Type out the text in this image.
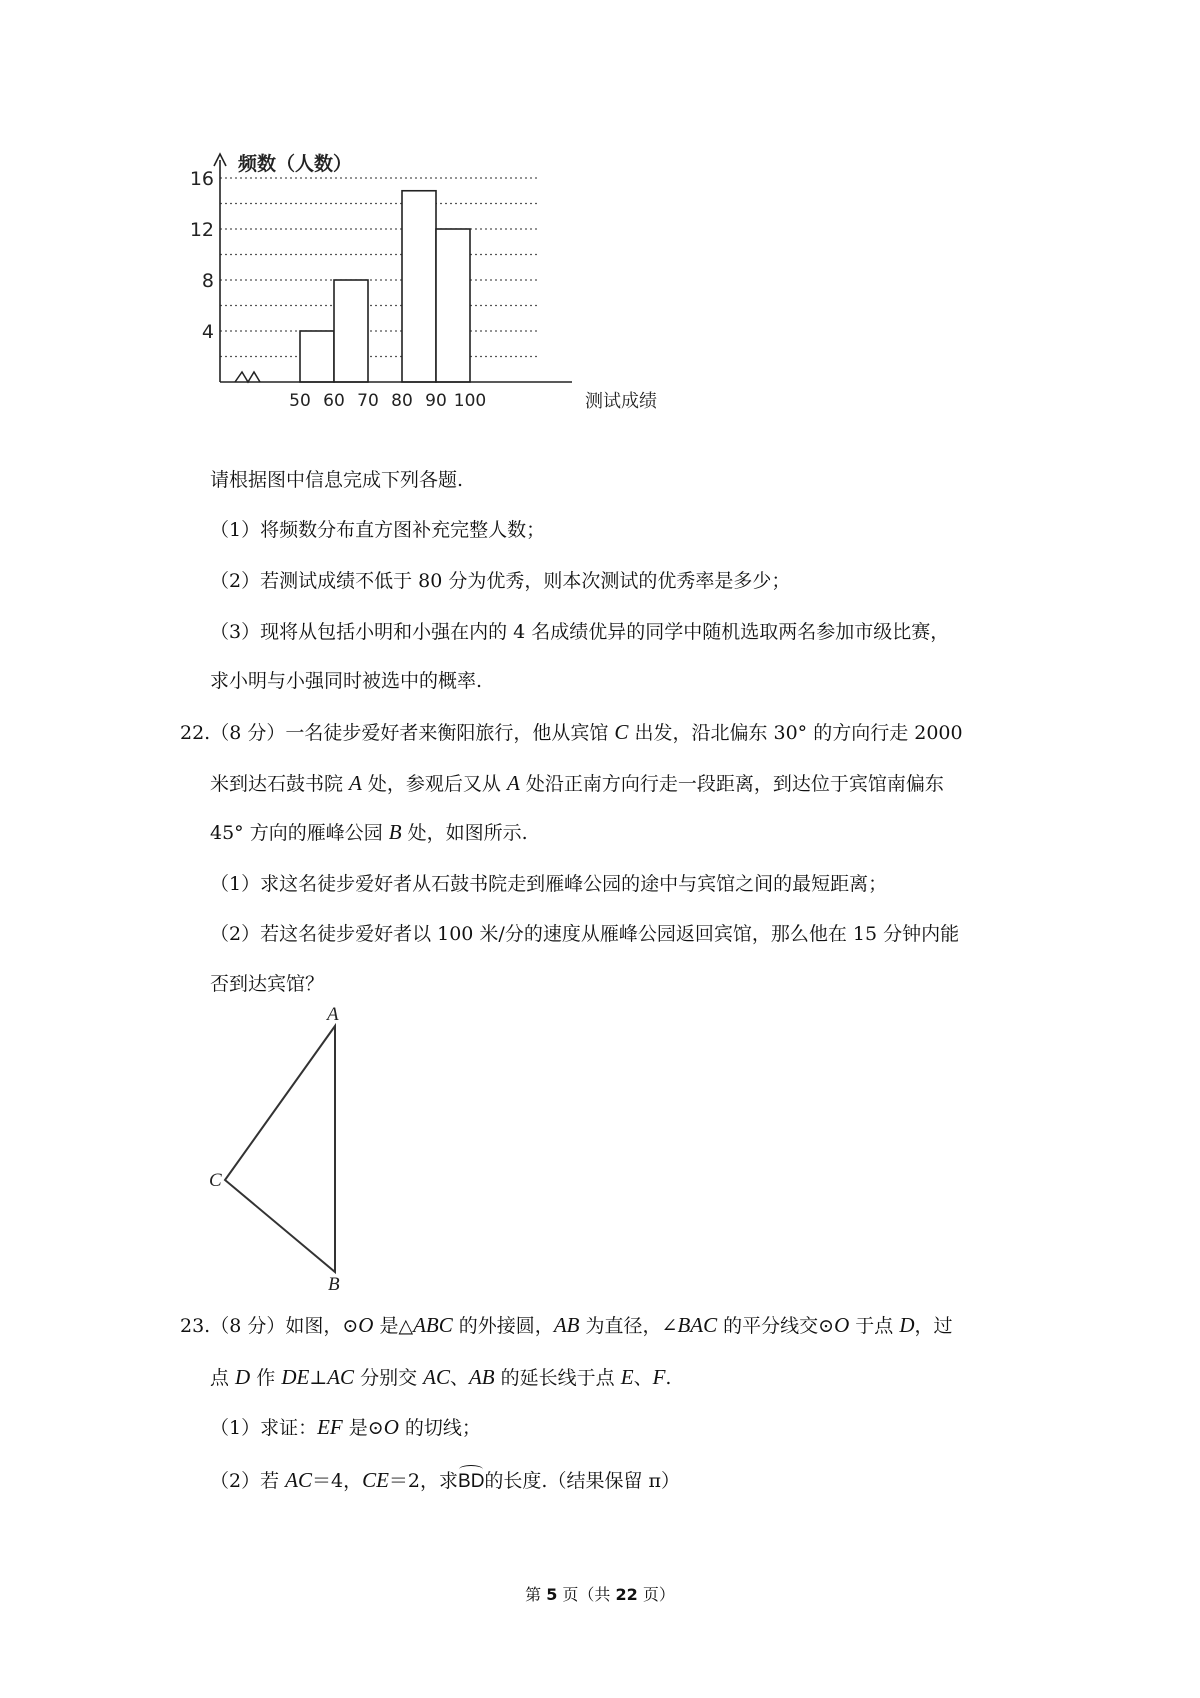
频数（人数）
测试成绩
4
8
12
16
50 60 70 80 90 100
请根据图中信息完成下列各题.
（1）将频数分布直方图补充完整人数；
（2）若测试成绩不低于 80 分为优秀，则本次测试的优秀率是多少；
（3）现将从包括小明和小强在内的 4 名成绩优异的同学中随机选取两名参加市级比赛，
求小明与小强同时被选中的概率.
22.（8 分）一名徒步爱好者来衡阳旅行，他从宾馆 C 出发，沿北偏东 30° 的方向行走 2000
米到达石鼓书院 A 处，参观后又从 A 处沿正南方向行走一段距离，到达位于宾馆南偏东
45° 方向的雁峰公园 B 处，如图所示.
（1）求这名徒步爱好者从石鼓书院走到雁峰公园的途中与宾馆之间的最短距离；
（2）若这名徒步爱好者以 100 米/分的速度从雁峰公园返回宾馆，那么他在 15 分钟内能
否到达宾馆？
A
C
B
23.（8 分）如图，⊙O 是△ABC 的外接圆，AB 为直径，∠BAC 的平分线交⊙O 于点 D，过
点 D 作 DE⊥AC 分别交 AC、AB 的延长线于点 E、F.
（1）求证：EF 是⊙O 的切线；
（2）若 AC＝4，CE＝2，求BD的长度.（结果保留 π）
第 5 页（共 22 页）
